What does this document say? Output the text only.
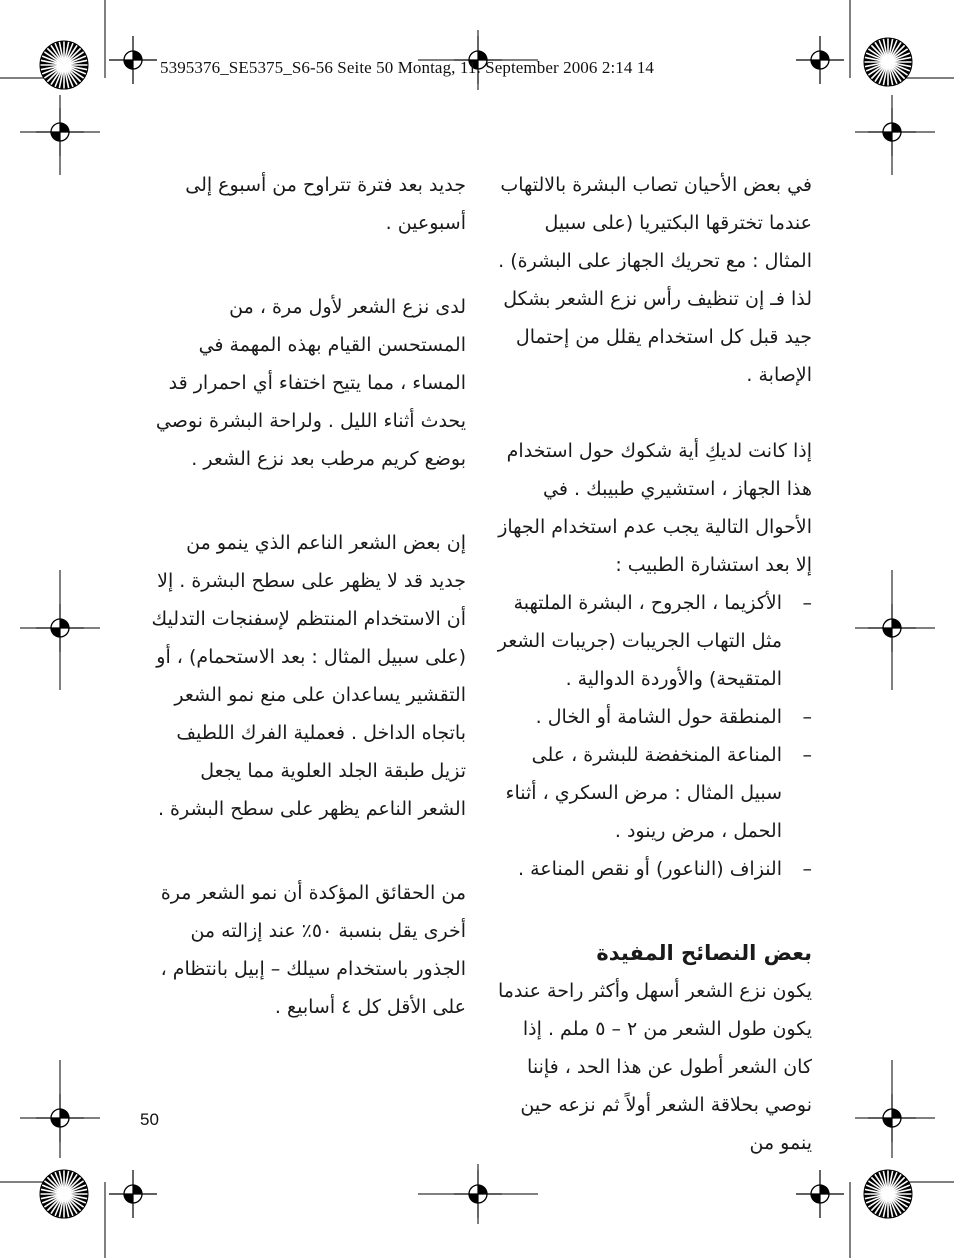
5395376_SE5375_S6-56 Seite 50 Montag, 11. September 2006 2:14 14

في بعض الأحيان تصاب البشرة بالالتهاب عندما تخترقها البكتيريا (على سبيل المثال : مع تحريك الجهاز على البشرة) . لذا فـ إن تنظيف رأس نزع الشعر بشكل جيد قبل كل استخدام يقلل من إحتمال الإصابة .

إذا كانت لديكِ أية شكوك حول استخدام هذا الجهاز ، استشيري طبيبك . في الأحوال التالية يجب عدم استخدام الجهاز إلا بعد استشارة الطبيب :

–
الأكزيما ، الجروح ، البشرة الملتهبة مثل التهاب الجريبات (جريبات الشعر المتقيحة) والأوردة الدوالية .
–
المنطقة حول الشامة أو الخال .
–
المناعة المنخفضة للبشرة ، على سبيل المثال : مرض السكري ، أثناء الحمل ، مرض رينود .
–
النزاف (الناعور) أو نقص المناعة .
بعض النصائح المفيدة

يكون نزع الشعر أسهل وأكثر راحة عندما يكون طول الشعر من ٢ – ٥ ملم . إذا كان الشعر أطول عن هذا الحد ، فإننا نوصي بحلاقة الشعر أولاً ثم نزعه حين ينمو من

جديد بعد فترة تتراوح من أسبوع إلى أسبوعين .

لدى نزع الشعر لأول مرة ، من المستحسن القيام بهذه المهمة في المساء ، مما يتيح اختفاء أي احمرار قد يحدث أثناء الليل . ولراحة البشرة نوصي بوضع كريم مرطب بعد نزع الشعر .

إن بعض الشعر الناعم الذي ينمو من جديد قد لا يظهر على سطح البشرة . إلا أن الاستخدام المنتظم لإسفنجات التدليك (على سبيل المثال : بعد الاستحمام) ، أو التقشير يساعدان على منع نمو الشعر باتجاه الداخل . فعملية الفرك اللطيف تزيل طبقة الجلد العلوية مما يجعل الشعر الناعم يظهر على سطح البشرة .

من الحقائق المؤكدة أن نمو الشعر مرة أخرى يقل بنسبة ٥٠٪ عند إزالته من الجذور باستخدام سيلك – إبيل بانتظام ، على الأقل كل ٤ أسابيع .

50
